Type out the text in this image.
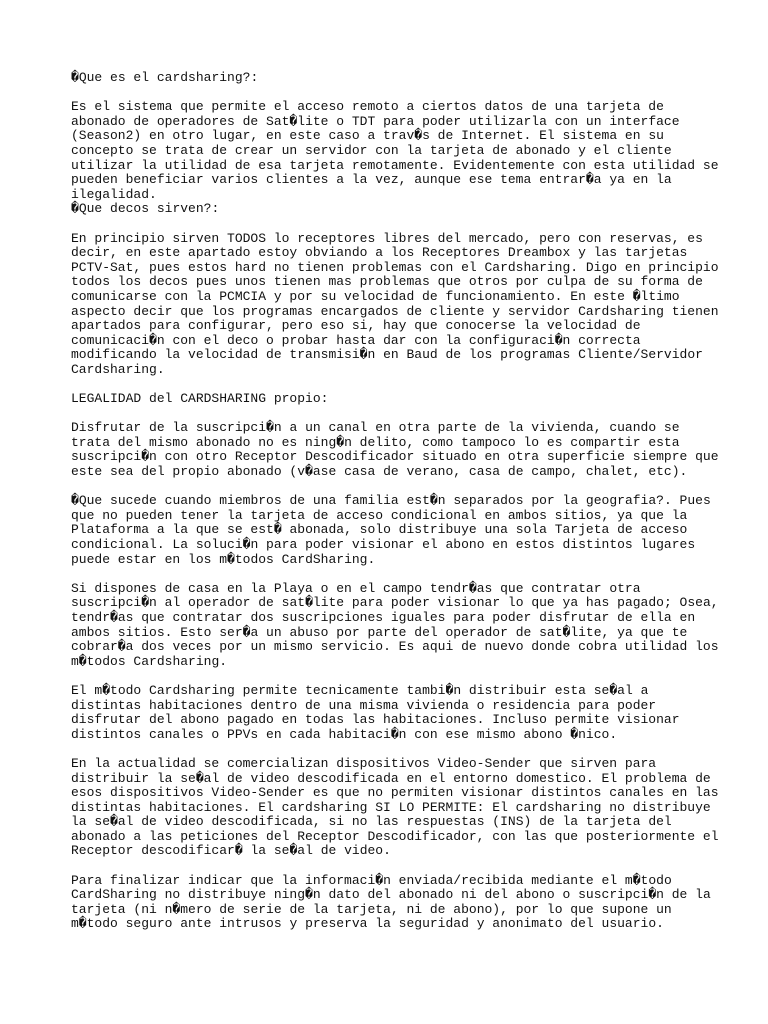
�Que es el cardsharing?:
Es el sistema que permite el acceso remoto a ciertos datos de una tarjeta de
abonado de operadores de Sat�lite o TDT para poder utilizarla con un interface
(Season2) en otro lugar, en este caso a trav�s de Internet. El sistema en su
concepto se trata de crear un servidor con la tarjeta de abonado y el cliente
utilizar la utilidad de esa tarjeta remotamente. Evidentemente con esta utilidad se
pueden beneficiar varios clientes a la vez, aunque ese tema entrar�a ya en la
ilegalidad.
�Que decos sirven?:
En principio sirven TODOS lo receptores libres del mercado, pero con reservas, es
decir, en este apartado estoy obviando a los Receptores Dreambox y las tarjetas
PCTV-Sat, pues estos hard no tienen problemas con el Cardsharing. Digo en principio
todos los decos pues unos tienen mas problemas que otros por culpa de su forma de
comunicarse con la PCMCIA y por su velocidad de funcionamiento. En este �ltimo
aspecto decir que los programas encargados de cliente y servidor Cardsharing tienen
apartados para configurar, pero eso si, hay que conocerse la velocidad de
comunicaci�n con el deco o probar hasta dar con la configuraci�n correcta
modificando la velocidad de transmisi�n en Baud de los programas Cliente/Servidor
Cardsharing.
LEGALIDAD del CARDSHARING propio:
Disfrutar de la suscripci�n a un canal en otra parte de la vivienda, cuando se
trata del mismo abonado no es ning�n delito, como tampoco lo es compartir esta
suscripci�n con otro Receptor Descodificador situado en otra superficie siempre que
este sea del propio abonado (v�ase casa de verano, casa de campo, chalet, etc).
�Que sucede cuando miembros de una familia est�n separados por la geografia?. Pues
que no pueden tener la tarjeta de acceso condicional en ambos sitios, ya que la
Plataforma a la que se est� abonada, solo distribuye una sola Tarjeta de acceso
condicional. La soluci�n para poder visionar el abono en estos distintos lugares
puede estar en los m�todos CardSharing.
Si dispones de casa en la Playa o en el campo tendr�as que contratar otra
suscripci�n al operador de sat�lite para poder visionar lo que ya has pagado; Osea,
tendr�as que contratar dos suscripciones iguales para poder disfrutar de ella en
ambos sitios. Esto ser�a un abuso por parte del operador de sat�lite, ya que te
cobrar�a dos veces por un mismo servicio. Es aqui de nuevo donde cobra utilidad los
m�todos Cardsharing.
El m�todo Cardsharing permite tecnicamente tambi�n distribuir esta se�al a
distintas habitaciones dentro de una misma vivienda o residencia para poder
disfrutar del abono pagado en todas las habitaciones. Incluso permite visionar
distintos canales o PPVs en cada habitaci�n con ese mismo abono �nico.
En la actualidad se comercializan dispositivos Video-Sender que sirven para
distribuir la se�al de video descodificada en el entorno domestico. El problema de
esos dispositivos Video-Sender es que no permiten visionar distintos canales en las
distintas habitaciones. El cardsharing SI LO PERMITE: El cardsharing no distribuye
la se�al de video descodificada, si no las respuestas (INS) de la tarjeta del
abonado a las peticiones del Receptor Descodificador, con las que posteriormente el
Receptor descodificar� la se�al de video.
Para finalizar indicar que la informaci�n enviada/recibida mediante el m�todo
CardSharing no distribuye ning�n dato del abonado ni del abono o suscripci�n de la
tarjeta (ni n�mero de serie de la tarjeta, ni de abono), por lo que supone un
m�todo seguro ante intrusos y preserva la seguridad y anonimato del usuario.
